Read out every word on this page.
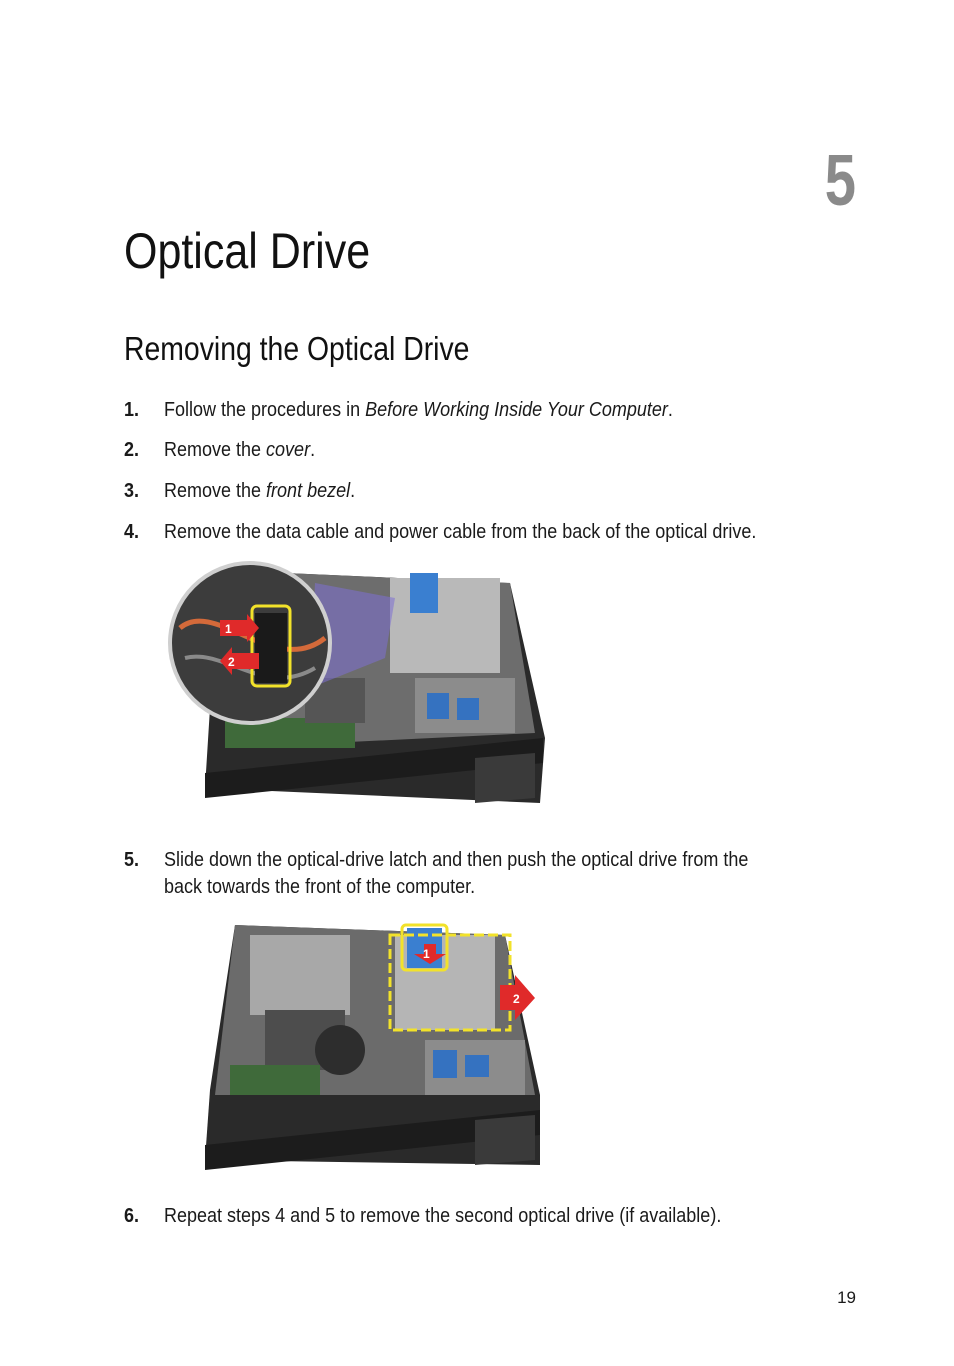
5
Optical Drive
Removing the Optical Drive
1.	Follow the procedures in Before Working Inside Your Computer.
2.	Remove the cover.
3.	Remove the front bezel.
4.	Remove the data cable and power cable from the back of the optical drive.
1
2
5.	Slide down the optical-drive latch and then push the optical drive from the
back towards the front of the computer.
1
2
6.	Repeat steps 4 and 5 to remove the second optical drive (if available).
19
